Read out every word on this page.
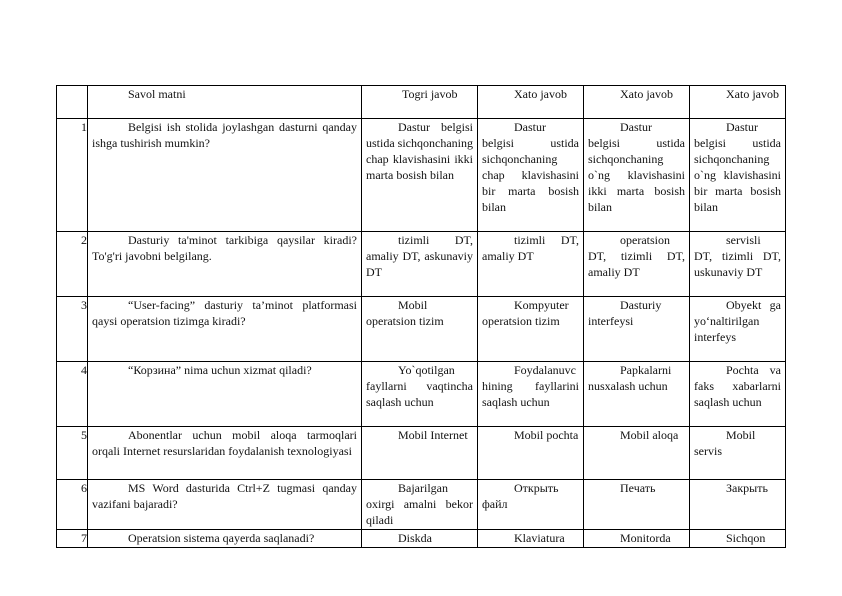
	Savol matni	Togri javob	Xato javob	Xato javob	Xato javob
1	Belgisi ish stolida joylashgan dasturni qanday ishga tushirish mumkin?	Dastur belgisi ustida sichqonchaning chap klavishasini ikki marta bosish bilan	Dastur belgisi ustida sichqonchaning chap klavishasini bir marta bosish bilan	Dastur belgisi ustida sichqonchaning o`ng klavishasini ikki marta bosish bilan	Dastur belgisi ustida sichqonchaning o`ng klavishasini bir marta bosish bilan
2	Dasturiy ta'minot tarkibiga qaysilar kiradi? To'g'ri javobni belgilang.	tizimli DT, amaliy DT, askunaviy DT	tizimli DT, amaliy DT	operatsion DT, tizimli DT, amaliy DT	servisli DT, tizimli DT, uskunaviy DT
3	“User-facing” dasturiy ta’minot platformasi qaysi operatsion tizimga kiradi?	Mobil operatsion tizim	Kompyuter operatsion tizim	Dasturiy interfeysi	Obyekt ga yo‘naltirilgan interfeys
4	“Корзина” nima uchun xizmat qiladi?	Yo`qotilgan fayllarni vaqtincha saqlash uchun	Foydalanuvchining fayllarini saqlash uchun	Papkalarni nusxalash uchun	Pochta va faks xabarlarni saqlash uchun
5	Abonentlar uchun mobil aloqa tarmoqlari orqali Internet resurslaridan foydalanish texnologiyasi	Mobil Internet	Mobil pochta	Mobil aloqa	Mobil servis
6	MS Word dasturida Ctrl+Z tugmasi qanday vazifani bajaradi?	Bajarilgan oxirgi amalni bekor qiladi	Открыть файл	Печать	Закрыть
7	Operatsion sistema qayerda saqlanadi?	Diskda	Klaviatura	Monitorda	Sichqon
